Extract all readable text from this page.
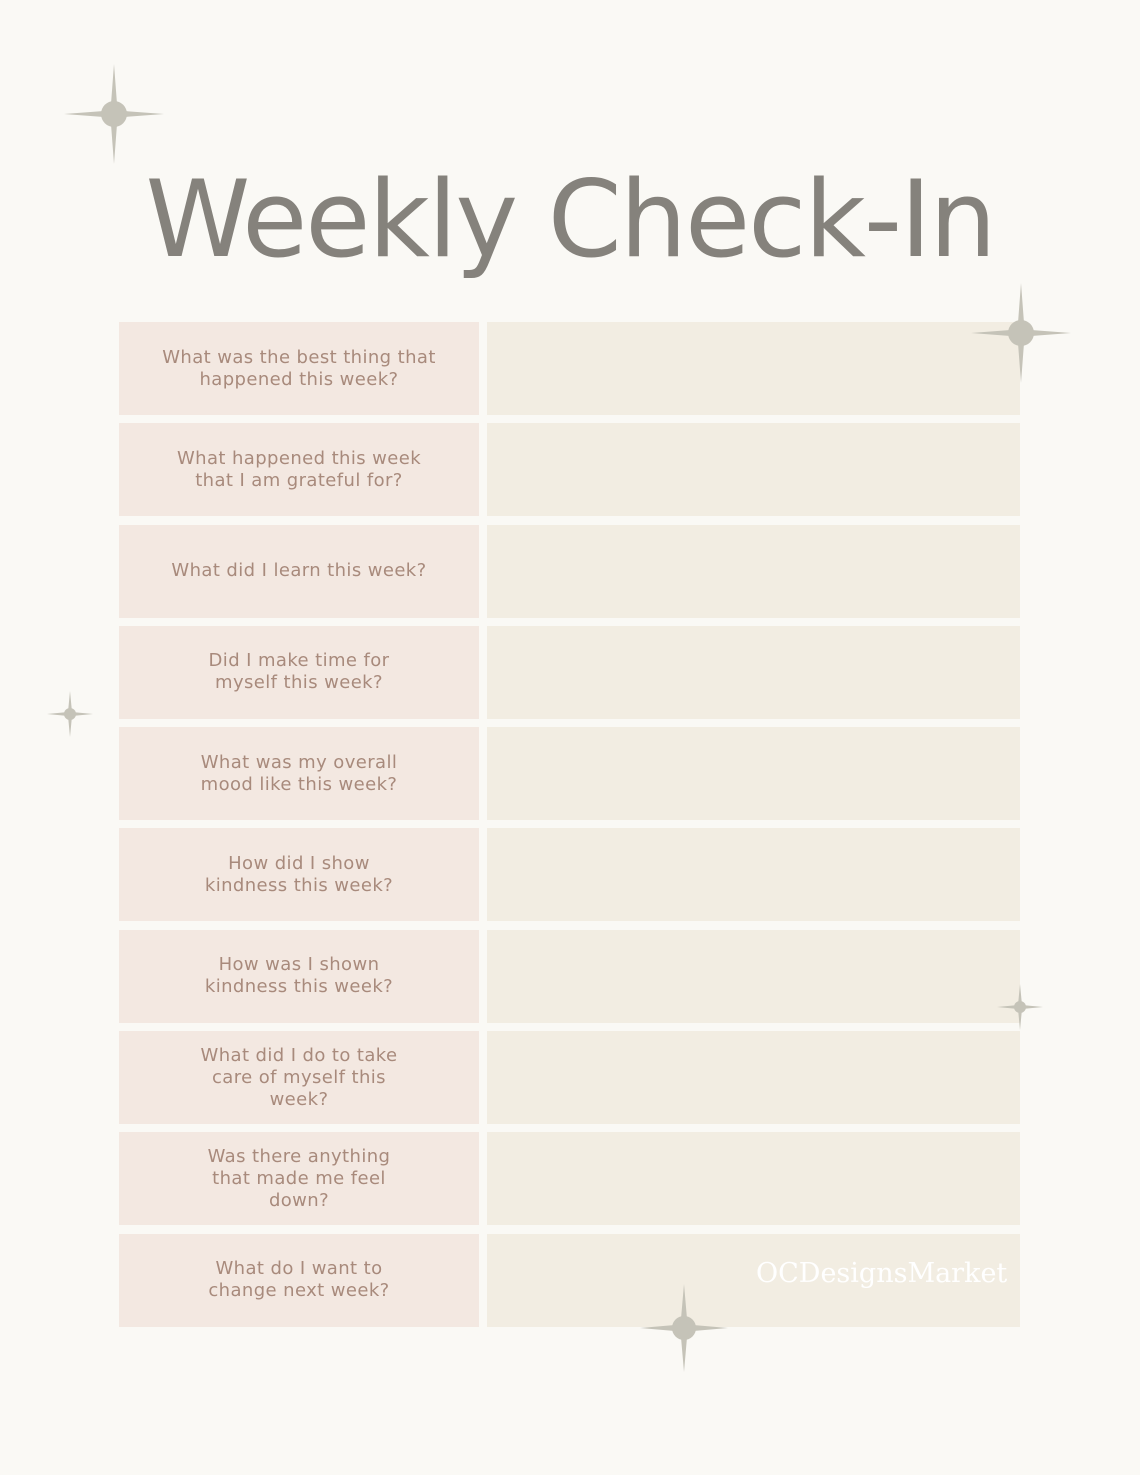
Weekly Check-In
What was the best thing that
happened this week?
What happened this week
that I am grateful for?
What did I learn this week?
Did I make time for
myself this week?
What was my overall
mood like this week?
How did I show
kindness this week?
How was I shown
kindness this week?
What did I do to take
care of myself this
week?
Was there anything
that made me feel
down?
What do I want to
change next week?
OCDesignsMarket
